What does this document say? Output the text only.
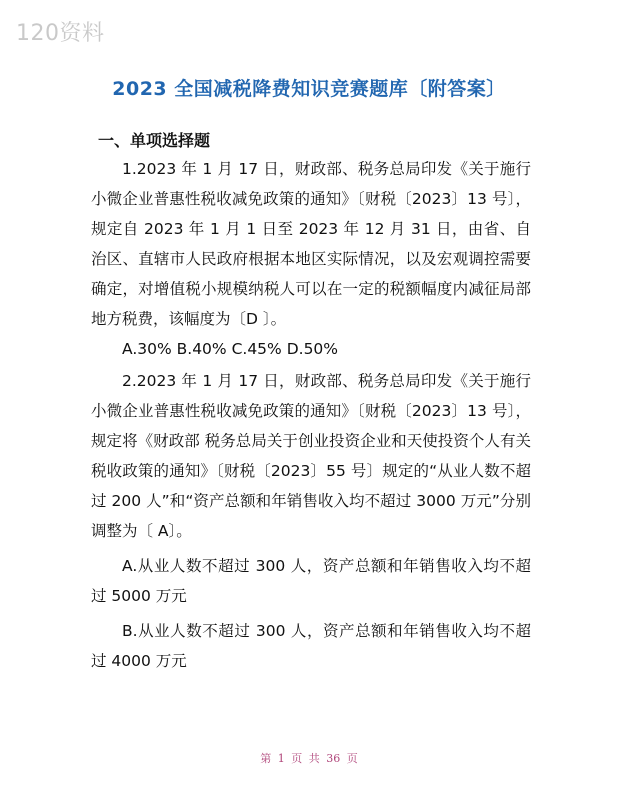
120资料
2023 全国减税降费知识竞赛题库〔附答案〕
一、单项选择题

1.2023 年 1 月 17 日，财政部、税务总局印发《关于施行小微企业普惠性税收减免政策的通知》〔财税〔2023〕13 号〕，规定自 2023 年 1 月 1 日至 2023 年 12 月 31 日，由省、自治区、直辖市人民政府根据本地区实际情况，以及宏观调控需要确定，对增值税小规模纳税人可以在一定的税额幅度内减征局部地方税费，该幅度为〔D 〕。

A.30% B.40% C.45% D.50%

2.2023 年 1 月 17 日，财政部、税务总局印发《关于施行小微企业普惠性税收减免政策的通知》〔财税〔2023〕13 号〕，规定将《财政部 税务总局关于创业投资企业和天使投资个人有关税收政策的通知》〔财税〔2023〕55 号〕规定的“从业人数不超过 200 人”和“资产总额和年销售收入均不超过 3000 万元”分别调整为〔 A〕。

A.从业人数不超过 300 人，资产总额和年销售收入均不超过 5000 万元

B.从业人数不超过 300 人，资产总额和年销售收入均不超过 4000 万元

第 1 页 共 36 页
